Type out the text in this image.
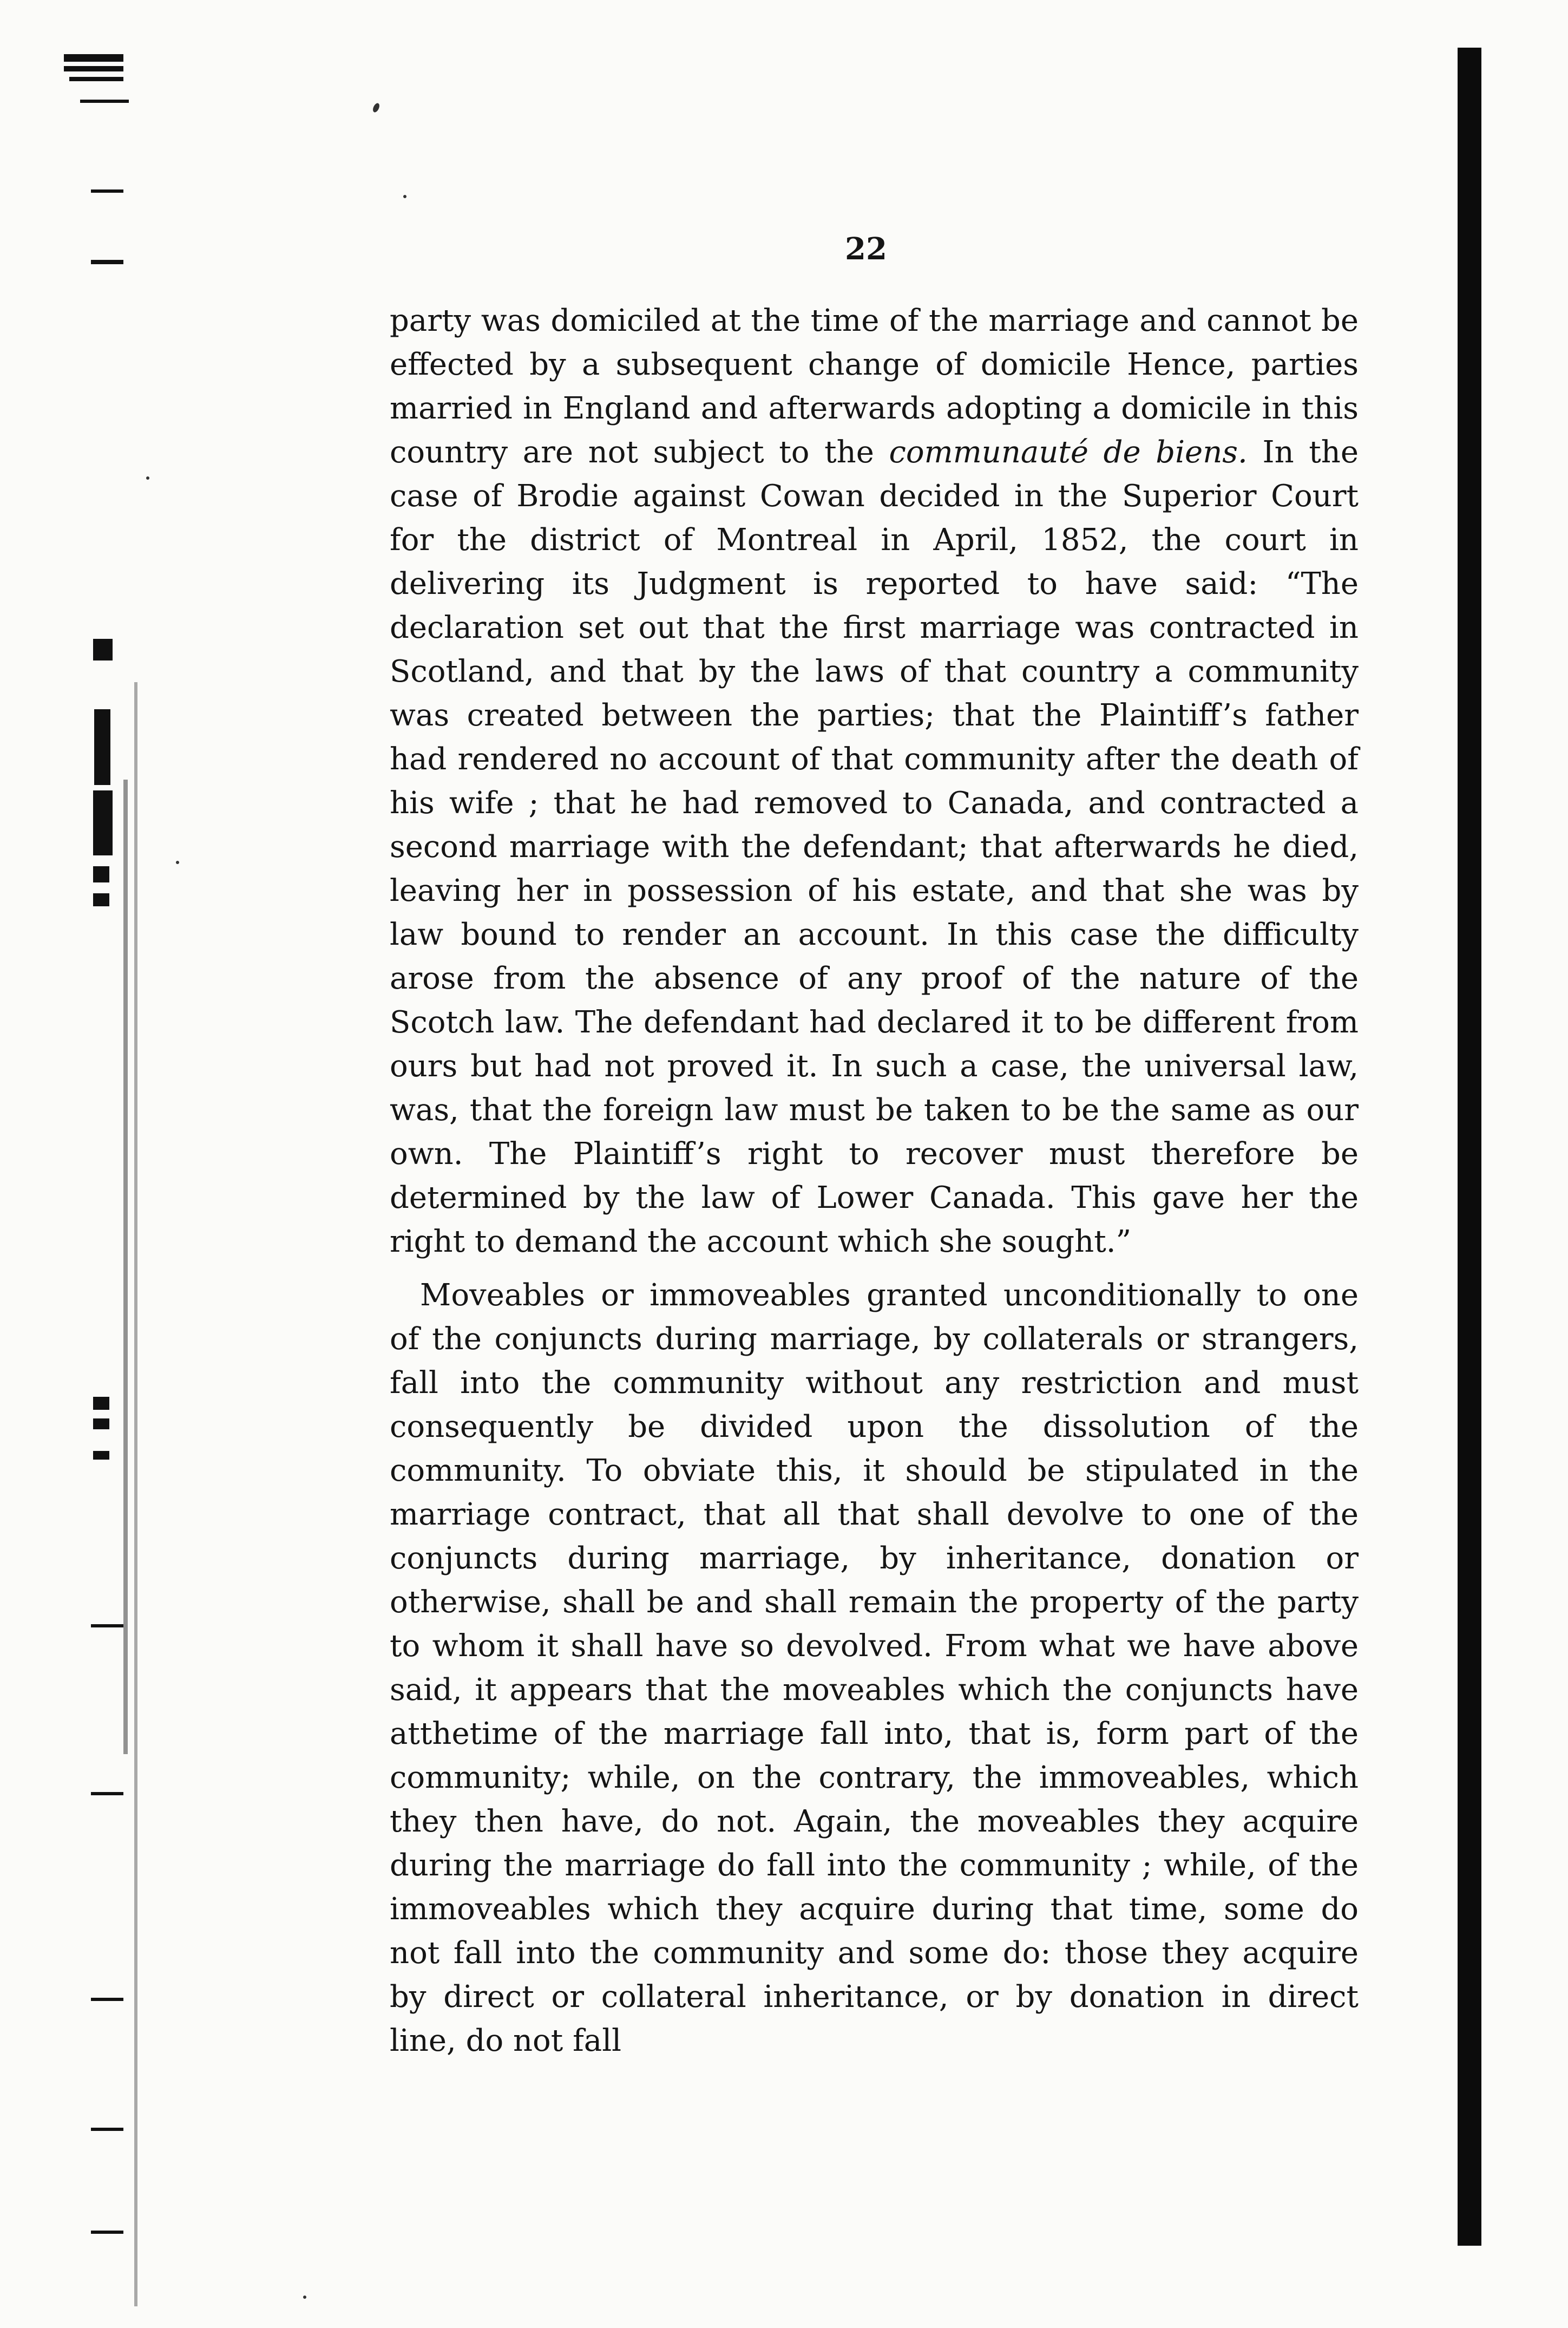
22

party was domiciled at the time of the marriage and cannot be effected by a subsequent change of domicile Hence, parties married in England and afterwards adopting a domicile in this country are not subject to the communauté de biens. In the case of Brodie against Cowan decided in the Superior Court for the district of Montreal in April, 1852, the court in delivering its Judgment is reported to have said: “The declaration set out that the first marriage was contracted in Scotland, and that by the laws of that country a community was created between the parties; that the Plaintiff’s father had rendered no account of that community after the death of his wife ; that he had removed to Canada, and contracted a second marriage with the defendant; that afterwards he died, leaving her in possession of his estate, and that she was by law bound to render an account. In this case the difficulty arose from the absence of any proof of the nature of the Scotch law. The defendant had declared it to be different from ours but had not proved it. In such a case, the universal law, was, that the foreign law must be taken to be the same as our own. The Plaintiff’s right to recover must therefore be determined by the law of Lower Canada. This gave her the right to demand the account which she sought.”

Moveables or immoveables granted unconditionally to one of the conjuncts during marriage, by collaterals or strangers, fall into the community without any restriction and must consequently be divided upon the dissolution of the community. To obviate this, it should be stipulated in the marriage contract, that all that shall devolve to one of the conjuncts during marriage, by inheritance, donation or otherwise, shall be and shall remain the property of the party to whom it shall have so devolved. From what we have above said, it appears that the moveables which the conjuncts have atthetime of the marriage fall into, that is, form part of the community; while, on the contrary, the immoveables, which they then have, do not. Again, the moveables they acquire during the marriage do fall into the community ; while, of the immoveables which they acquire during that time, some do not fall into the community and some do: those they acquire by direct or collateral inheritance, or by donation in direct line, do not fall
